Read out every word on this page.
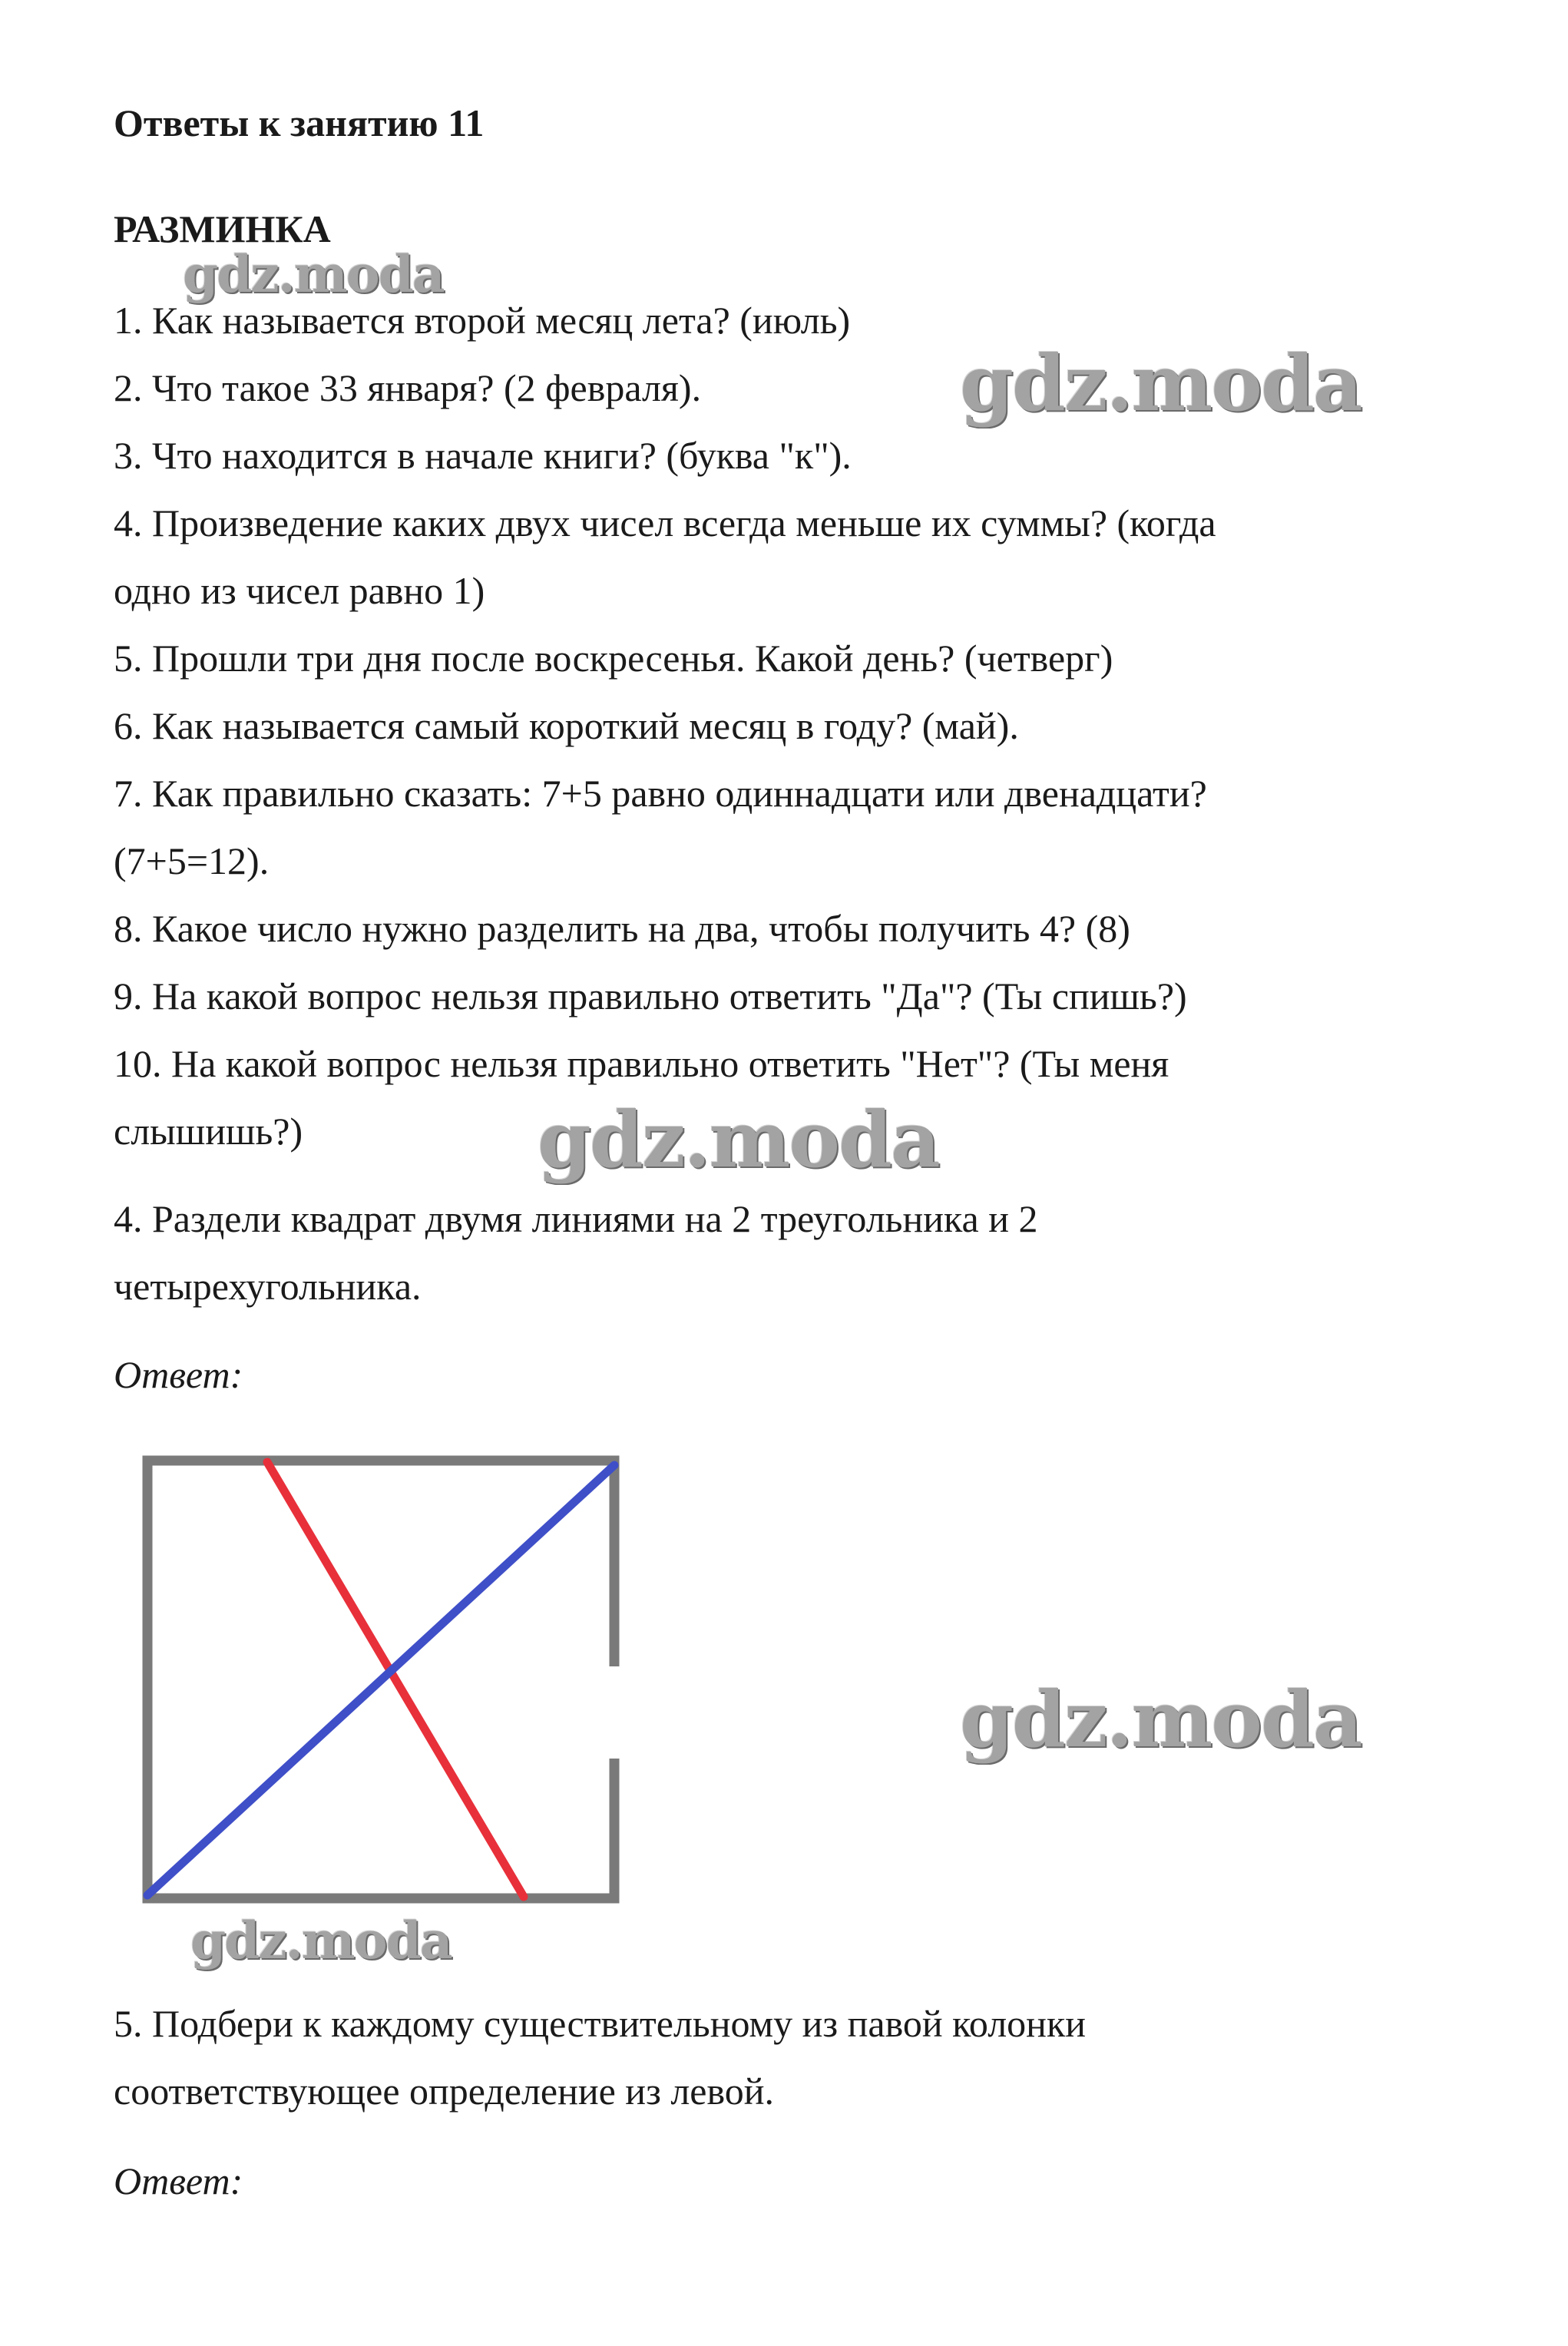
Ответы к занятию 11
РАЗМИНКА
1. Как называется второй месяц лета? (июль)
2. Что такое 33 января? (2 февраля).
3. Что находится в начале книги? (буква "к").
4. Произведение каких двух чисел всегда меньше их суммы? (когда
одно из чисел равно 1)
5. Прошли три дня после воскресенья. Какой день? (четверг)
6. Как называется самый короткий месяц в году? (май).
7. Как правильно сказать: 7+5 равно одиннадцати или двенадцати?
(7+5=12).
8. Какое число нужно разделить на два, чтобы получить 4? (8)
9. На какой вопрос нельзя правильно ответить "Да"? (Ты спишь?)
10. На какой вопрос нельзя правильно ответить "Нет"? (Ты меня
слышишь?)
4. Раздели квадрат двумя линиями на 2 треугольника и 2
четырехугольника.
Ответ:
5. Подбери к каждому существительному из павой колонки
соответствующее определение из левой.
Ответ:
gdz.moda
gdz.moda
gdz.moda
gdz.moda
gdz.moda
